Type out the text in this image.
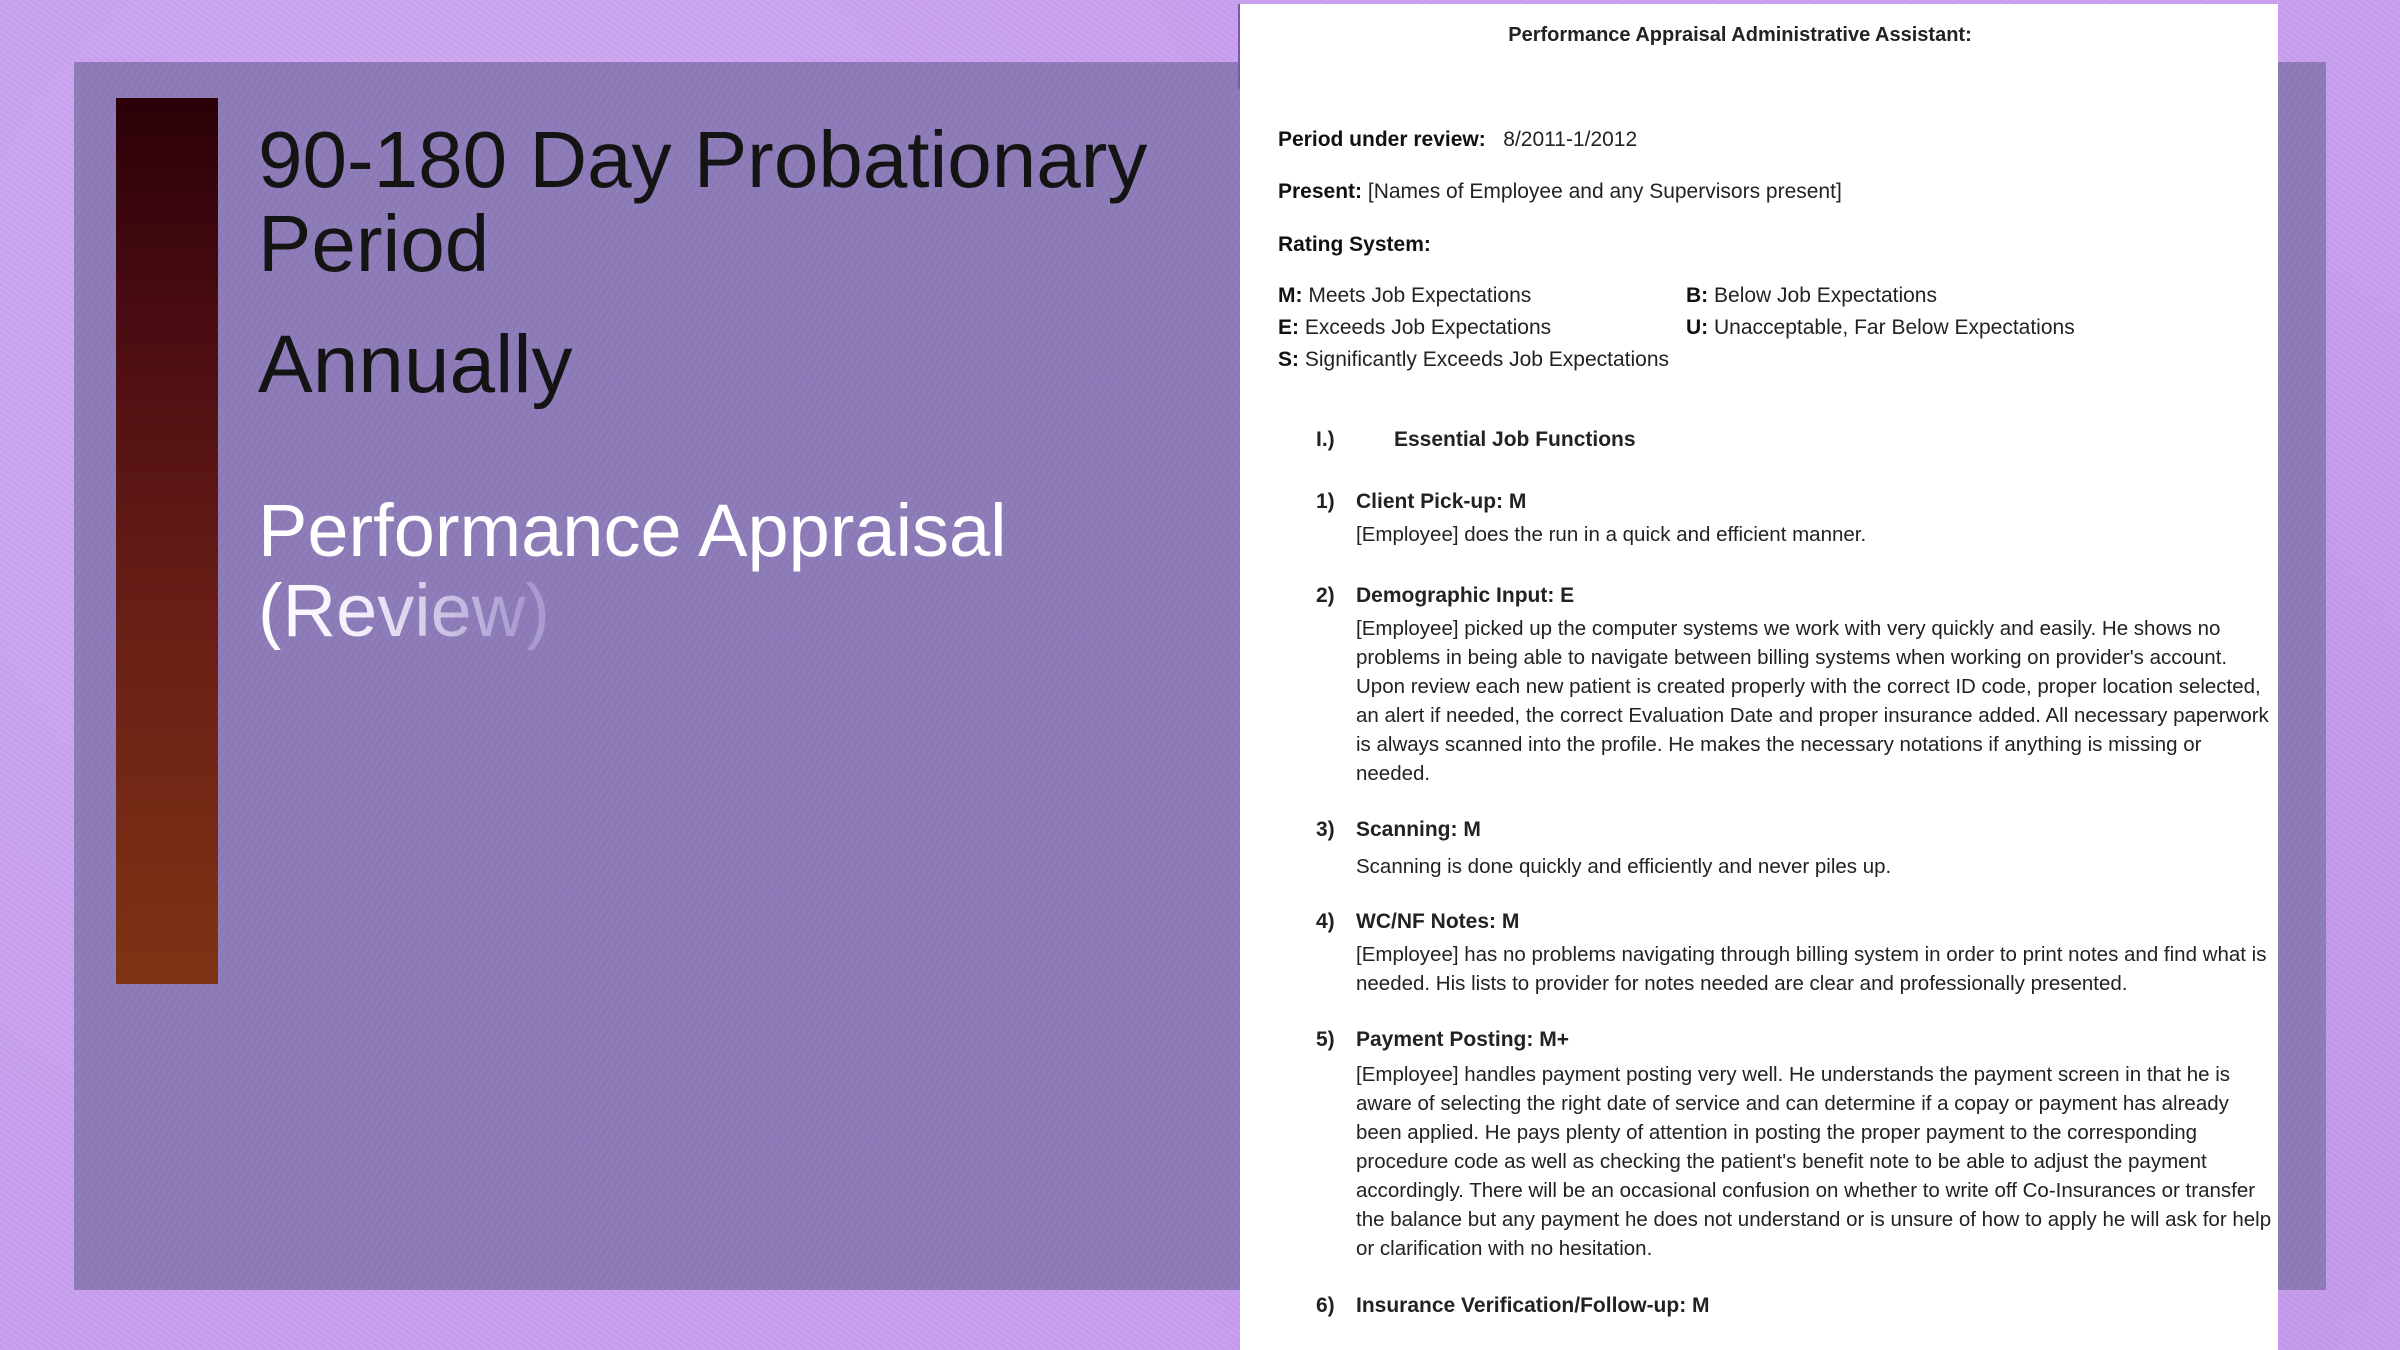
90-180 Day Probationary Period
Annually
Performance Appraisal
(Review)
Performance Appraisal Administrative Assistant:
Period under review: 8/2011-1/2012
Present: [Names of Employee and any Supervisors present]
Rating System:
M: Meets Job Expectations
E: Exceeds Job Expectations
S: Significantly Exceeds Job Expectations
B: Below Job Expectations
U: Unacceptable, Far Below Expectations
I.)	Essential Job Functions
1) Client Pick-up: M
[Employee] does the run in a quick and efficient manner.
2) Demographic Input: E
[Employee] picked up the computer systems we work with very quickly and easily. He shows no problems in being able to navigate between billing systems when working on provider's account. Upon review each new patient is created properly with the correct ID code, proper location selected, an alert if needed, the correct Evaluation Date and proper insurance added. All necessary paperwork is always scanned into the profile. He makes the necessary notations if anything is missing or needed.
3) Scanning: M
Scanning is done quickly and efficiently and never piles up.
4) WC/NF Notes: M
[Employee] has no problems navigating through billing system in order to print notes and find what is needed. His lists to provider for notes needed are clear and professionally presented.
5) Payment Posting: M+
[Employee] handles payment posting very well. He understands the payment screen in that he is aware of selecting the right date of service and can determine if a copay or payment has already been applied. He pays plenty of attention in posting the proper payment to the corresponding procedure code as well as checking the patient's benefit note to be able to adjust the payment accordingly. There will be an occasional confusion on whether to write off Co-Insurances or transfer the balance but any payment he does not understand or is unsure of how to apply he will ask for help or clarification with no hesitation.
6) Insurance Verification/Follow-up: M
